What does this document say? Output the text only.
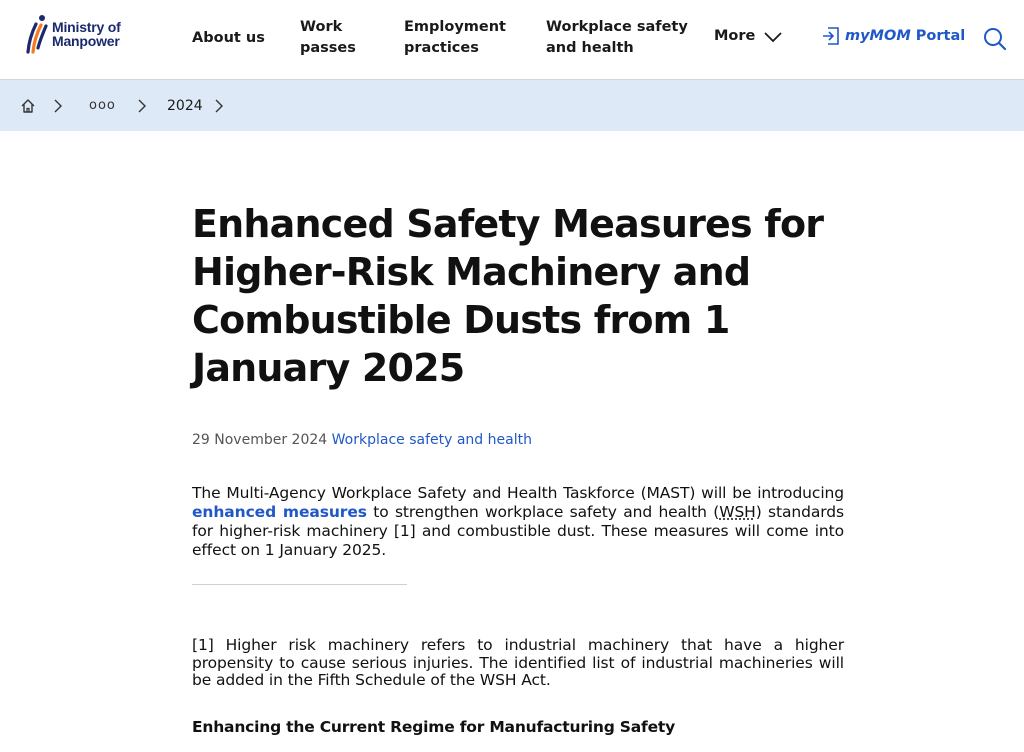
Ministry of
Manpower	About us
Work
passes
Employment
practices
Workplace safety
and health
More	myMOM Portal
ooo	2024
Enhanced Safety Measures for Higher-Risk Machinery and Combustible Dusts from 1 January 2025
29 November 2024 Workplace safety and health

The Multi-Agency Workplace Safety and Health Taskforce (MAST) will be introducing enhanced measures to strengthen workplace safety and health (WSH) standards for higher-risk machinery [1] and combustible dust. These measures will come into effect on 1 January 2025.

[1] Higher risk machinery refers to industrial machinery that have a higher propensity to cause serious injuries. The identified list of industrial machineries will be added in the Fifth Schedule of the WSH Act.

Enhancing the Current Regime for Manufacturing Safety
